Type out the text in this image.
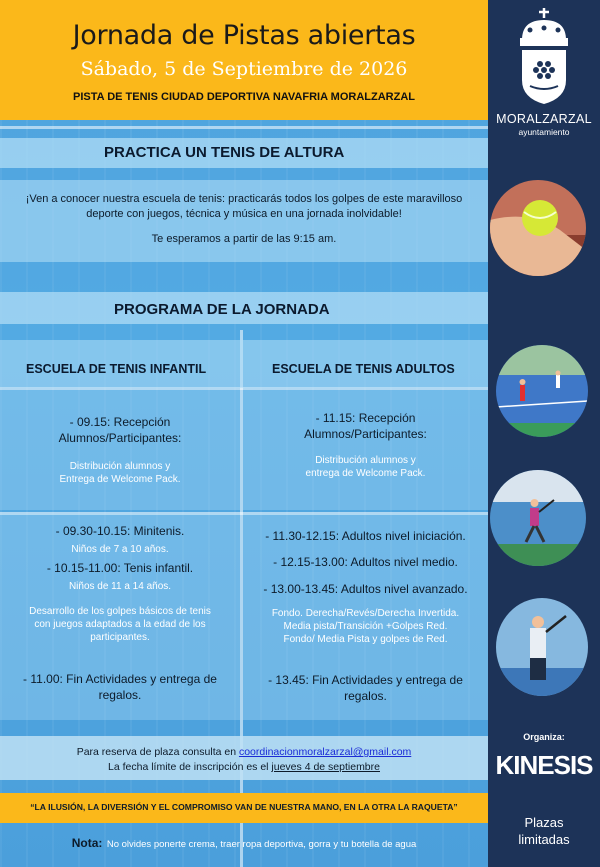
Jornada de Pistas abiertas
Sábado, 5 de Septiembre de 2026
PISTA DE TENIS CIUDAD DEPORTIVA NAVAFRIA MORALZARZAL
PRACTICA UN TENIS DE ALTURA
¡Ven a conocer nuestra escuela de tenis: practicarás todos los golpes de este maravilloso
deporte con juegos, técnica y música en una jornada inolvidable!
Te esperamos a partir de las 9:15 am.
PROGRAMA DE LA JORNADA
ESCUELA DE TENIS INFANTIL	ESCUELA DE TENIS ADULTOS
- 09.15: Recepción
Alumnos/Participantes:
Distribución alumnos y
Entrega de Welcome Pack.
- 11.15: Recepción
Alumnos/Participantes:
Distribución alumnos y
entrega de Welcome Pack.
- 09.30-10.15: Minitenis.
Niños de 7 a 10 años.
- 10.15-11.00: Tenis infantil.
Niños de 11 a 14 años.
Desarrollo de los golpes básicos de tenis
con juegos adaptados a la edad de los
participantes.
- 11.00: Fin Actividades y entrega de
regalos.
- 11.30-12.15: Adultos nivel iniciación.
- 12.15-13.00: Adultos nivel medio.
- 13.00-13.45: Adultos nivel avanzado.
Fondo. Derecha/Revés/Derecha Invertida.
Media pista/Transición +Golpes Red.
Fondo/ Media Pista y golpes de Red.
- 13.45: Fin Actividades y entrega de
regalos.
Para reserva de plaza consulta en coordinacionmoralzarzal@gmail.com
La fecha límite de inscripción es el jueves 4 de septiembre
“LA ILUSIÓN, LA DIVERSIÓN Y EL COMPROMISO VAN DE NUESTRA MANO, EN LA OTRA LA RAQUETA”
Nota: No olvides ponerte crema, traer ropa deportiva, gorra y tu botella de agua
MORALZARZAL
ayuntamiento
Organiza:
KINESIS
Plazas
limitadas
